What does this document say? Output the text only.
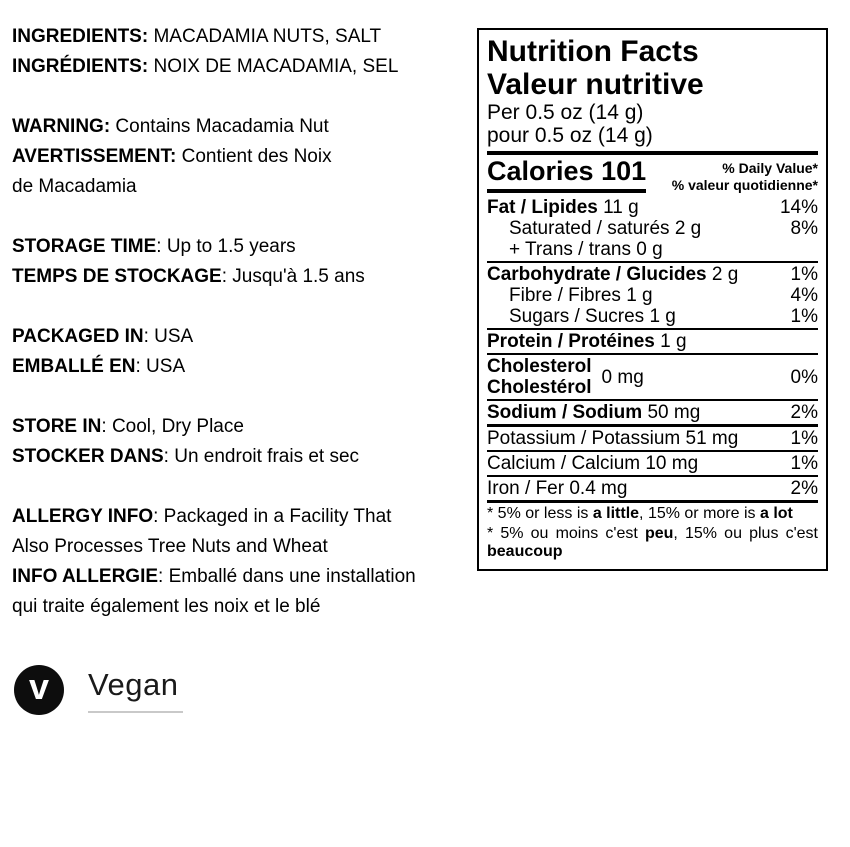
INGREDIENTS: MACADAMIA NUTS, SALT
INGRÉDIENTS: NOIX DE MACADAMIA, SEL
WARNING: Contains Macadamia Nut
AVERTISSEMENT: Contient des Noix
de Macadamia
STORAGE TIME: Up to 1.5 years
TEMPS DE STOCKAGE: Jusqu'à 1.5 ans
PACKAGED IN: USA
EMBALLÉ EN: USA
STORE IN: Cool, Dry Place
STOCKER DANS: Un endroit frais et sec
ALLERGY INFO: Packaged in a Facility That
Also Processes Tree Nuts and Wheat
INFO ALLERGIE: Emballé dans une installation
qui traite également les noix et le blé
v Vegan
Nutrition Facts
Valeur nutritive
Per 0.5 oz (14 g)
pour 0.5 oz (14 g)
Calories 101	% Daily Value*
% valeur quotidienne*
Fat / Lipides 11 g	14%
Saturated / saturés 2 g	8%
+ Trans / trans 0 g
Carbohydrate / Glucides 2 g	1%
Fibre / Fibres 1 g	4%
Sugars / Sucres 1 g	1%
Protein / Protéines 1 g
Cholesterol
Cholestérol 0 mg	0%
Sodium / Sodium 50 mg	2%
Potassium / Potassium 51 mg	1%
Calcium / Calcium 10 mg	1%
Iron / Fer 0.4 mg	2%
* 5% or less is a little, 15% or more is a lot
* 5% ou moins c'est peu, 15% ou plus c'est beaucoup
